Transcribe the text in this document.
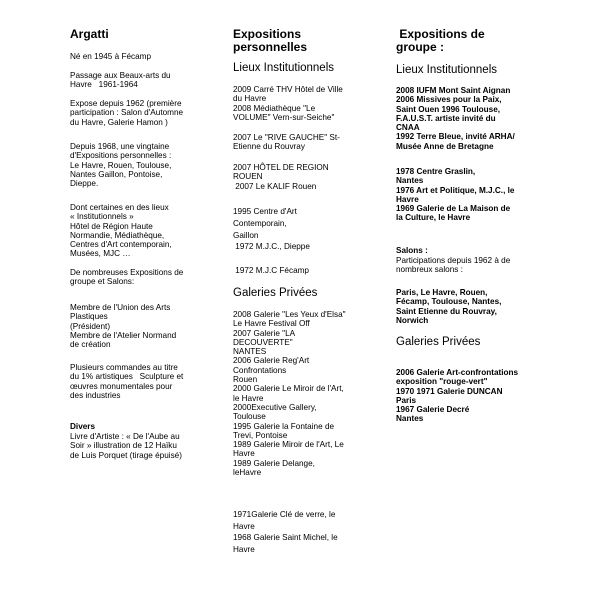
Argatti
Né en 1945 à Fécamp
Passage aux Beaux-arts du
Havre   1961-1964
Expose depuis 1962 (première
participation : Salon d'Automne
du Havre, Galerie Hamon )
Depuis 1968, une vingtaine
d'Expositions personnelles :
Le Havre, Rouen, Toulouse,
Nantes Gaillon, Pontoise,
Dieppe.
Dont certaines en des lieux
« Institutionnels »
Hôtel de Région Haute
Normandie, Médiathèque,
Centres d'Art contemporain,
Musées, MJC …
De nombreuses Expositions de
groupe et Salons:
Membre de l'Union des Arts
Plastiques
(Président)
Membre de l'Atelier Normand
de création
Plusieurs commandes au titre
du 1% artistiques   Sculpture et
œuvres monumentales pour
des industries
Divers
Livre d'Artiste : « De l'Aube au
Soir » illustration de 12 Haïku
de Luis Porquet (tirage épuisé)
Expositions
personnelles
Lieux Institutionnels
2009 Carré THV Hôtel de Ville
du Havre
2008 Médiathèque "Le
VOLUME" Vern-sur-Seiche"
2007 Le "RIVE GAUCHE" St-
Etienne du Rouvray
2007 HÔTEL DE REGION
ROUEN
2007 Le KALIF Rouen
1995 Centre d'Art
Contemporain,
Gaillon
1972 M.J.C., Dieppe
1972 M.J.C Fécamp
Galeries Privées
2008 Galerie "Les Yeux d'Elsa"
Le Havre Festival Off
2007 Galerie "LA
DECOUVERTE"
NANTES
2006 Galerie Reg'Art
Confrontations
Rouen
2000 Galerie Le Miroir de l'Art,
le Havre
2000Executive Gallery,
Toulouse
1995 Galerie la Fontaine de
Trevi, Pontoise
1989 Galerie Miroir de l'Art, Le
Havre
1989 Galerie Delange,
leHavre
1971Galerie Clé de verre, le
Havre
1968 Galerie Saint Michel, le
Havre
Expositions de
groupe :
Lieux Institutionnels
2008 IUFM Mont Saint Aignan
2006 Missives pour la Paix,
Saint Ouen 1996 Toulouse,
F.A.U.S.T. artiste invité du
CNAA
1992 Terre Bleue, invité ARHA/
Musée Anne de Bretagne
1978 Centre Graslin,
Nantes
1976 Art et Politique, M.J.C., le
Havre
1969 Galerie de La Maison de
la Culture, le Havre
Salons :
Participations depuis 1962 à de
nombreux salons :
Paris, Le Havre, Rouen,
Fécamp, Toulouse, Nantes,
Saint Etienne du Rouvray,
Norwich
Galeries Privées
2006 Galerie Art-confrontations
exposition "rouge-vert"
1970 1971 Galerie DUNCAN
Paris
1967 Galerie Decré
Nantes
